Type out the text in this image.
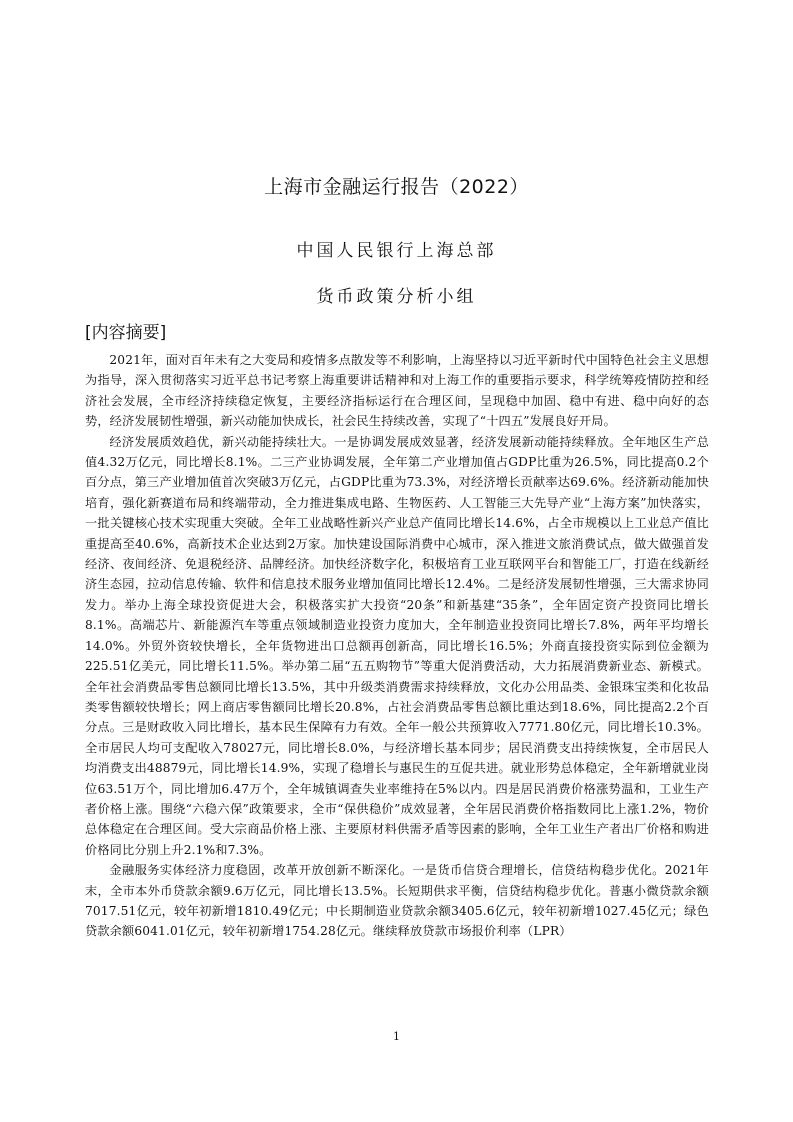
上海市金融运行报告（2022）
中国人民银行上海总部
货币政策分析小组
[内容摘要]

2021年，面对百年未有之大变局和疫情多点散发等不利影响，上海坚持以习近平新时代中国特色社会主义思想为指导，深入贯彻落实习近平总书记考察上海重要讲话精神和对上海工作的重要指示要求，科学统筹疫情防控和经济社会发展，全市经济持续稳定恢复，主要经济指标运行在合理区间，呈现稳中加固、稳中有进、稳中向好的态势，经济发展韧性增强，新兴动能加快成长，社会民生持续改善，实现了“十四五”发展良好开局。

经济发展质效趋优，新兴动能持续壮大。一是协调发展成效显著，经济发展新动能持续释放。全年地区生产总值4.32万亿元，同比增长8.1%。二三产业协调发展，全年第二产业增加值占GDP比重为26.5%，同比提高0.2个百分点，第三产业增加值首次突破3万亿元，占GDP比重为73.3%，对经济增长贡献率达69.6%。经济新动能加快培育，强化新赛道布局和终端带动，全力推进集成电路、生物医药、人工智能三大先导产业“上海方案”加快落实，一批关键核心技术实现重大突破。全年工业战略性新兴产业总产值同比增长14.6%，占全市规模以上工业总产值比重提高至40.6%，高新技术企业达到2万家。加快建设国际消费中心城市，深入推进文旅消费试点，做大做强首发经济、夜间经济、免退税经济、品牌经济。加快经济数字化，积极培育工业互联网平台和智能工厂，打造在线新经济生态园，拉动信息传输、软件和信息技术服务业增加值同比增长12.4%。二是经济发展韧性增强，三大需求协同发力。举办上海全球投资促进大会，积极落实扩大投资“20条”和新基建“35条”，全年固定资产投资同比增长8.1%。高端芯片、新能源汽车等重点领域制造业投资力度加大，全年制造业投资同比增长7.8%，两年平均增长14.0%。外贸外资较快增长，全年货物进出口总额再创新高，同比增长16.5%；外商直接投资实际到位金额为225.51亿美元，同比增长11.5%。举办第二届“五五购物节”等重大促消费活动，大力拓展消费新业态、新模式。全年社会消费品零售总额同比增长13.5%，其中升级类消费需求持续释放，文化办公用品类、金银珠宝类和化妆品类零售额较快增长；网上商店零售额同比增长20.8%，占社会消费品零售总额比重达到18.6%，同比提高2.2个百分点。三是财政收入同比增长，基本民生保障有力有效。全年一般公共预算收入7771.80亿元，同比增长10.3%。全市居民人均可支配收入78027元，同比增长8.0%，与经济增长基本同步；居民消费支出持续恢复，全市居民人均消费支出48879元，同比增长14.9%，实现了稳增长与惠民生的互促共进。就业形势总体稳定，全年新增就业岗位63.51万个，同比增加6.47万个，全年城镇调查失业率维持在5%以内。四是居民消费价格涨势温和，工业生产者价格上涨。围绕“六稳六保”政策要求，全市“保供稳价”成效显著，全年居民消费价格指数同比上涨1.2%，物价总体稳定在合理区间。受大宗商品价格上涨、主要原材料供需矛盾等因素的影响，全年工业生产者出厂价格和购进价格同比分别上升2.1%和7.3%。

金融服务实体经济力度稳固，改革开放创新不断深化。一是货币信贷合理增长，信贷结构稳步优化。2021年末，全市本外币贷款余额9.6万亿元，同比增长13.5%。长短期供求平衡，信贷结构稳步优化。普惠小微贷款余额7017.51亿元，较年初新增1810.49亿元；中长期制造业贷款余额3405.6亿元，较年初新增1027.45亿元；绿色贷款余额6041.01亿元，较年初新增1754.28亿元。继续释放贷款市场报价利率（LPR）

1
